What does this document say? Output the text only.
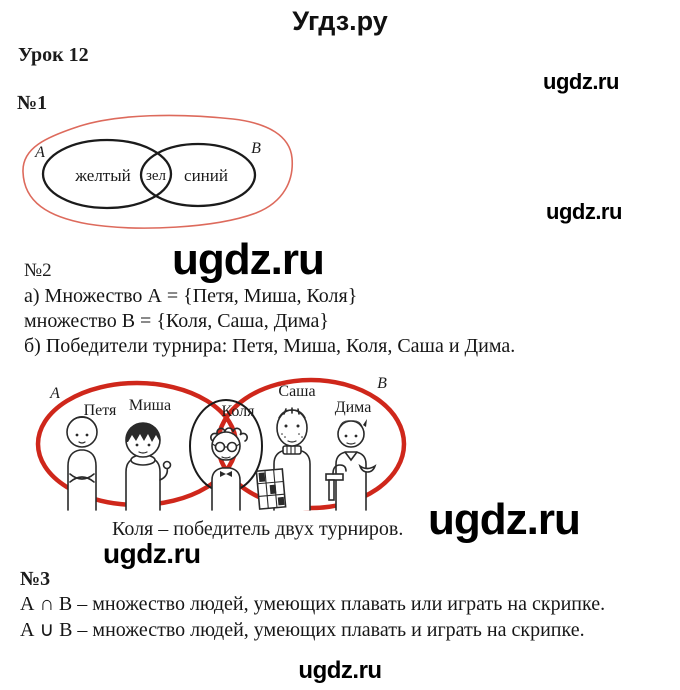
Угдз.ру
Урок 12
ugdz.ru
№1
A	B
желтый зел синий
ugdz.ru
№2	ugdz.ru
а) Множество А = {Петя, Миша, Коля}
множество В = {Коля, Саша, Дима}
б) Победители турнира: Петя, Миша, Коля, Саша и Дима.
А
В
Петя Миша	Коля
Саша
Дима
Коля – победитель двух турниров. ugdz.ru
ugdz.ru
№3
А ∩ В – множество людей, умеющих плавать или играть на скрипке.
А ∪ В – множество людей, умеющих плавать и играть на скрипке.
ugdz.ru
